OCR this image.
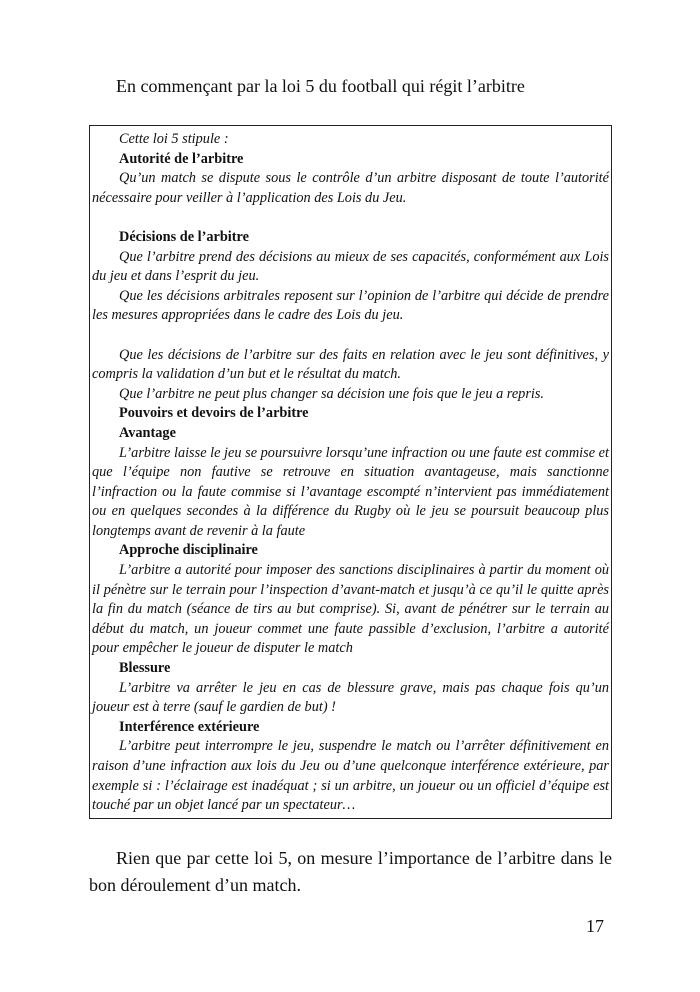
En commençant par la loi 5 du football qui régit l’arbitre

Cette loi 5 stipule :

Autorité de l’arbitre

Qu’un match se dispute sous le contrôle d’un arbitre disposant de toute l’autorité nécessaire pour veiller à l’application des Lois du Jeu.

Décisions de l’arbitre

Que l’arbitre prend des décisions au mieux de ses capacités, conformément aux Lois du jeu et dans l’esprit du jeu.

Que les décisions arbitrales reposent sur l’opinion de l’arbitre qui décide de prendre les mesures appropriées dans le cadre des Lois du jeu.

Que les décisions de l’arbitre sur des faits en relation avec le jeu sont définitives, y compris la validation d’un but et le résultat du match.

Que l’arbitre ne peut plus changer sa décision une fois que le jeu a repris.

Pouvoirs et devoirs de l’arbitre

Avantage

L’arbitre laisse le jeu se poursuivre lorsqu’une infraction ou une faute est commise et que l’équipe non fautive se retrouve en situation avantageuse, mais sanctionne l’infraction ou la faute commise si l’avantage escompté n’intervient pas immédiatement ou en quelques secondes à la différence du Rugby où le jeu se poursuit beaucoup plus longtemps avant de revenir à la faute

Approche disciplinaire

L’arbitre a autorité pour imposer des sanctions disciplinaires à partir du moment où il pénètre sur le terrain pour l’inspection d’avant-match et jusqu’à ce qu’il le quitte après la fin du match (séance de tirs au but comprise). Si, avant de pénétrer sur le terrain au début du match, un joueur commet une faute passible d’exclusion, l’arbitre a autorité pour empêcher le joueur de disputer le match

Blessure

L’arbitre va arrêter le jeu en cas de blessure grave, mais pas chaque fois qu’un joueur est à terre (sauf le gardien de but) !

Interférence extérieure

L’arbitre peut interrompre le jeu, suspendre le match ou l’arrêter définitivement en raison d’une infraction aux lois du Jeu ou d’une quelconque interférence extérieure, par exemple si : l’éclairage est inadéquat ; si un arbitre, un joueur ou un officiel d’équipe est touché par un objet lancé par un spectateur…

Rien que par cette loi 5, on mesure l’importance de l’arbitre dans le bon déroulement d’un match.

17
